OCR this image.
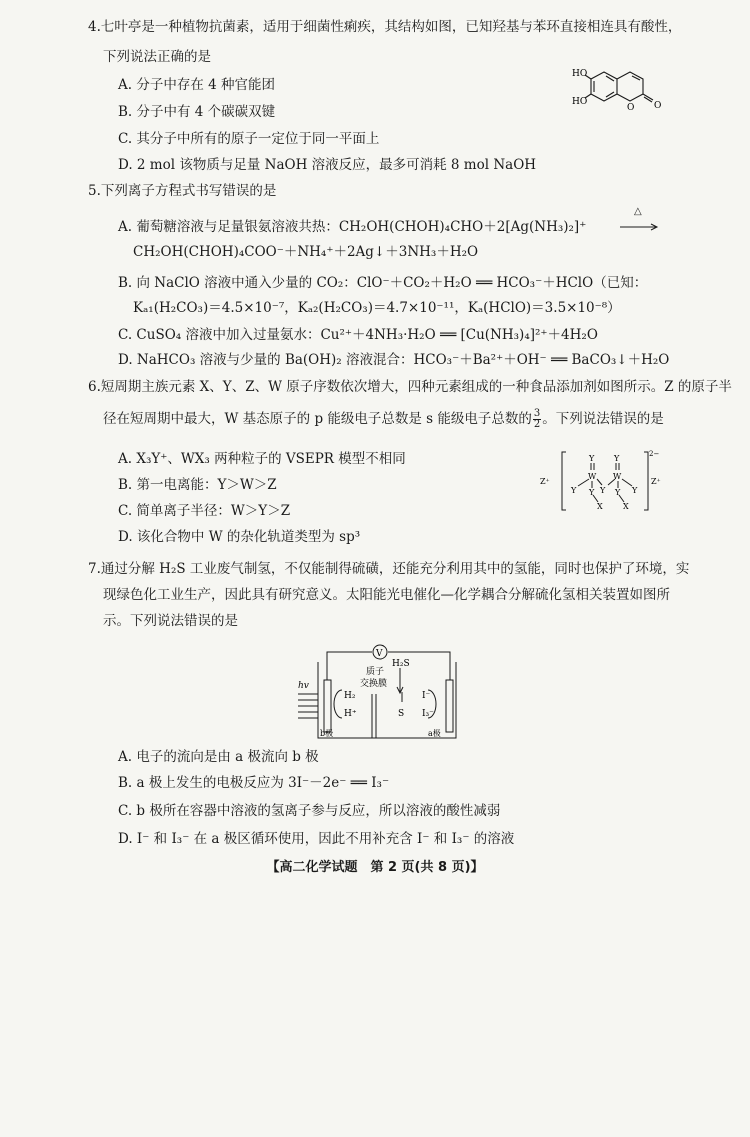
4.七叶亭是一种植物抗菌素，适用于细菌性痢疾，其结构如图，已知羟基与苯环直接相连具有酸性，
下列说法正确的是
A. 分子中存在 4 种官能团
B. 分子中有 4 个碳碳双键
C. 其分子中所有的原子一定位于同一平面上
D. 2 mol 该物质与足量 NaOH 溶液反应，最多可消耗 8 mol NaOH
HO
HO
O O
5.下列离子方程式书写错误的是
A. 葡萄糖溶液与足量银氨溶液共热：CH₂OH(CHOH)₄CHO＋2[Ag(NH₃)₂]⁺
△
CH₂OH(CHOH)₄COO⁻＋NH₄⁺＋2Ag↓＋3NH₃＋H₂O
B. 向 NaClO 溶液中通入少量的 CO₂：ClO⁻＋CO₂＋H₂O ══ HCO₃⁻＋HClO（已知：
Kₐ₁(H₂CO₃)＝4.5×10⁻⁷，Kₐ₂(H₂CO₃)＝4.7×10⁻¹¹，Kₐ(HClO)＝3.5×10⁻⁸）
C. CuSO₄ 溶液中加入过量氨水：Cu²⁺＋4NH₃·H₂O ══ [Cu(NH₃)₄]²⁺＋4H₂O
D. NaHCO₃ 溶液与少量的 Ba(OH)₂ 溶液混合：HCO₃⁻＋Ba²⁺＋OH⁻ ══ BaCO₃↓＋H₂O
6.短周期主族元素 X、Y、Z、W 原子序数依次增大，四种元素组成的一种食品添加剂如图所示。Z 的原子半
径在短周期中最大，W 基态原子的 p 能级电子总数是 s 能级电子总数的 $\frac{3}{2}$ 。下列说法错误的是
A. X₃Y⁺、WX₃ 两种粒子的 VSEPR 模型不相同
B. 第一电离能：Y＞W＞Z
C. 简单离子半径：W＞Y＞Z
D. 该化合物中 W 的杂化轨道类型为 sp³
Z⁺	Z⁺
2−
Y Y
W W
Y	Y	Y
Y	Y
X	X
7.通过分解 H₂S 工业废气制氢，不仅能制得硫磺，还能充分利用其中的氢能，同时也保护了环境，实
现绿色化工业生产，因此具有研究意义。太阳能光电催化—化学耦合分解硫化氢相关装置如图所
示。下列说法错误的是
V
H₂S
质子
交换膜
hv
H₂
H⁺	S
I⁻
I₃⁻
b极	a极
A. 电子的流向是由 a 极流向 b 极
B. a 极上发生的电极反应为 3I⁻－2e⁻ ══ I₃⁻
C. b 极所在容器中溶液的氢离子参与反应，所以溶液的酸性减弱
D. I⁻ 和 I₃⁻ 在 a 极区循环使用，因此不用补充含 I⁻ 和 I₃⁻ 的溶液
【高二化学试题　第 2 页(共 8 页)】
